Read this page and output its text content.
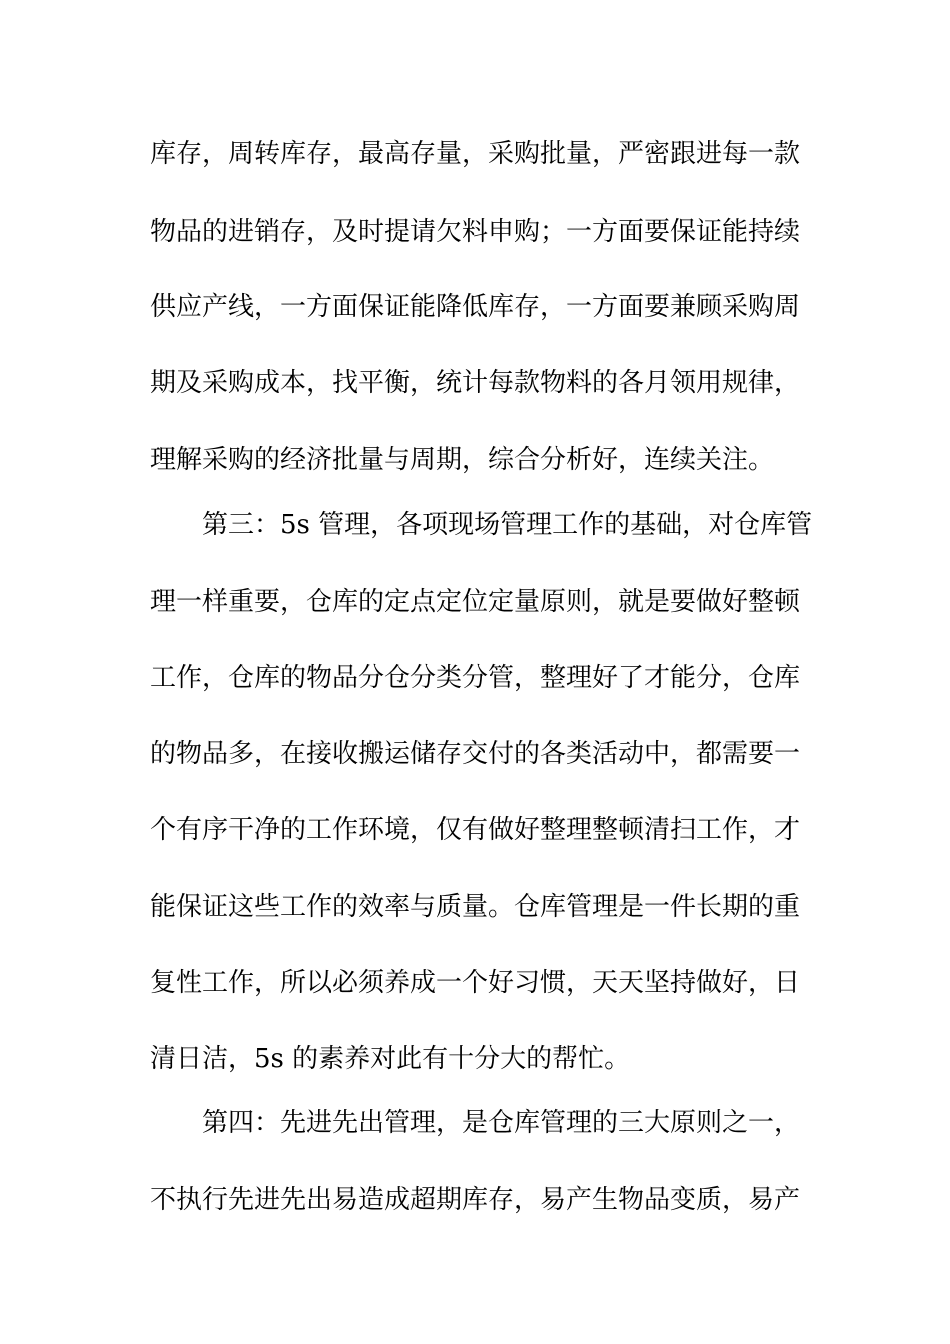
库存，周转库存，最高存量，采购批量，严密跟进每一款
物品的进销存，及时提请欠料申购；一方面要保证能持续
供应产线，一方面保证能降低库存，一方面要兼顾采购周
期及采购成本，找平衡，统计每款物料的各月领用规律，
理解采购的经济批量与周期，综合分析好，连续关注。
第三：5s 管理，各项现场管理工作的基础，对仓库管
理一样重要，仓库的定点定位定量原则，就是要做好整顿
工作，仓库的物品分仓分类分管，整理好了才能分，仓库
的物品多，在接收搬运储存交付的各类活动中，都需要一
个有序干净的工作环境，仅有做好整理整顿清扫工作，才
能保证这些工作的效率与质量。仓库管理是一件长期的重
复性工作，所以必须养成一个好习惯，天天坚持做好，日
清日洁，5s 的素养对此有十分大的帮忙。
第四：先进先出管理，是仓库管理的三大原则之一，
不执行先进先出易造成超期库存，易产生物品变质，易产
